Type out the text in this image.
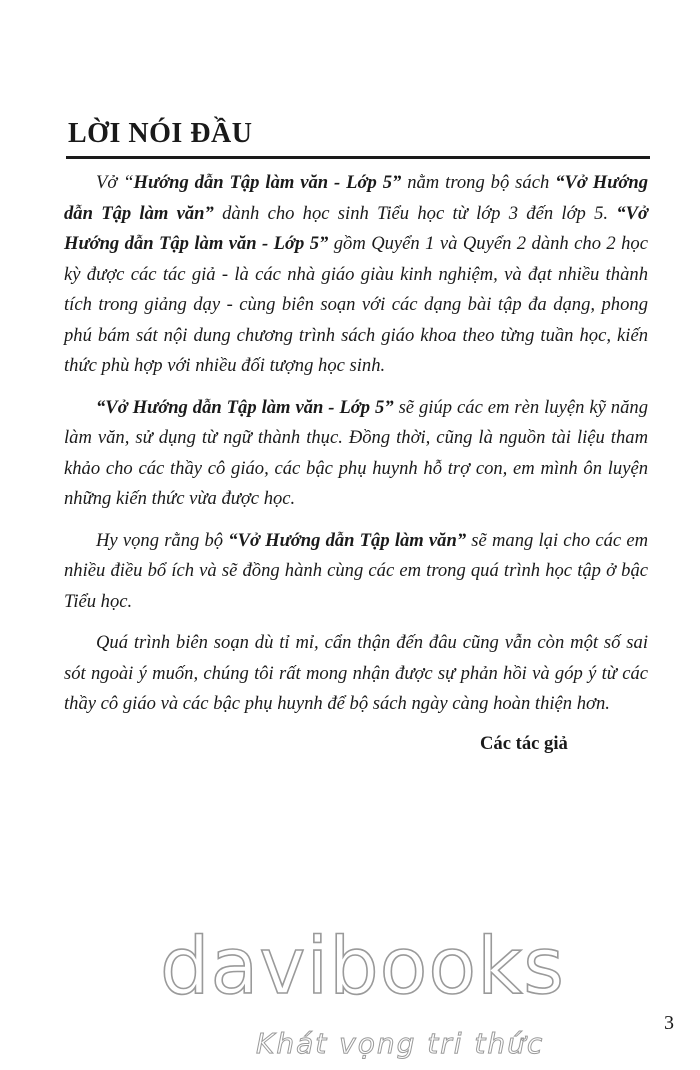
LỜI NÓI ĐẦU

Vở “Hướng dẫn Tập làm văn - Lớp 5” nằm trong bộ sách “Vở Hướng dẫn Tập làm văn” dành cho học sinh Tiểu học từ lớp 3 đến lớp 5. “Vở Hướng dẫn Tập làm văn - Lớp 5” gồm Quyển 1 và Quyển 2 dành cho 2 học kỳ được các tác giả - là các nhà giáo giàu kinh nghiệm, và đạt nhiều thành tích trong giảng dạy - cùng biên soạn với các dạng bài tập đa dạng, phong phú bám sát nội dung chương trình sách giáo khoa theo từng tuần học, kiến thức phù hợp với nhiều đối tượng học sinh.

“Vở Hướng dẫn Tập làm văn - Lớp 5” sẽ giúp các em rèn luyện kỹ năng làm văn, sử dụng từ ngữ thành thục. Đồng thời, cũng là nguồn tài liệu tham khảo cho các thầy cô giáo, các bậc phụ huynh hỗ trợ con, em mình ôn luyện những kiến thức vừa được học.

Hy vọng rằng bộ “Vở Hướng dẫn Tập làm văn” sẽ mang lại cho các em nhiều điều bổ ích và sẽ đồng hành cùng các em trong quá trình học tập ở bậc Tiểu học.

Quá trình biên soạn dù tỉ mỉ, cẩn thận đến đâu cũng vẫn còn một số sai sót ngoài ý muốn, chúng tôi rất mong nhận được sự phản hồi và góp ý từ các thầy cô giáo và các bậc phụ huynh để bộ sách ngày càng hoàn thiện hơn.

Các tác giả
davibooks
Khát vọng tri thức
3
